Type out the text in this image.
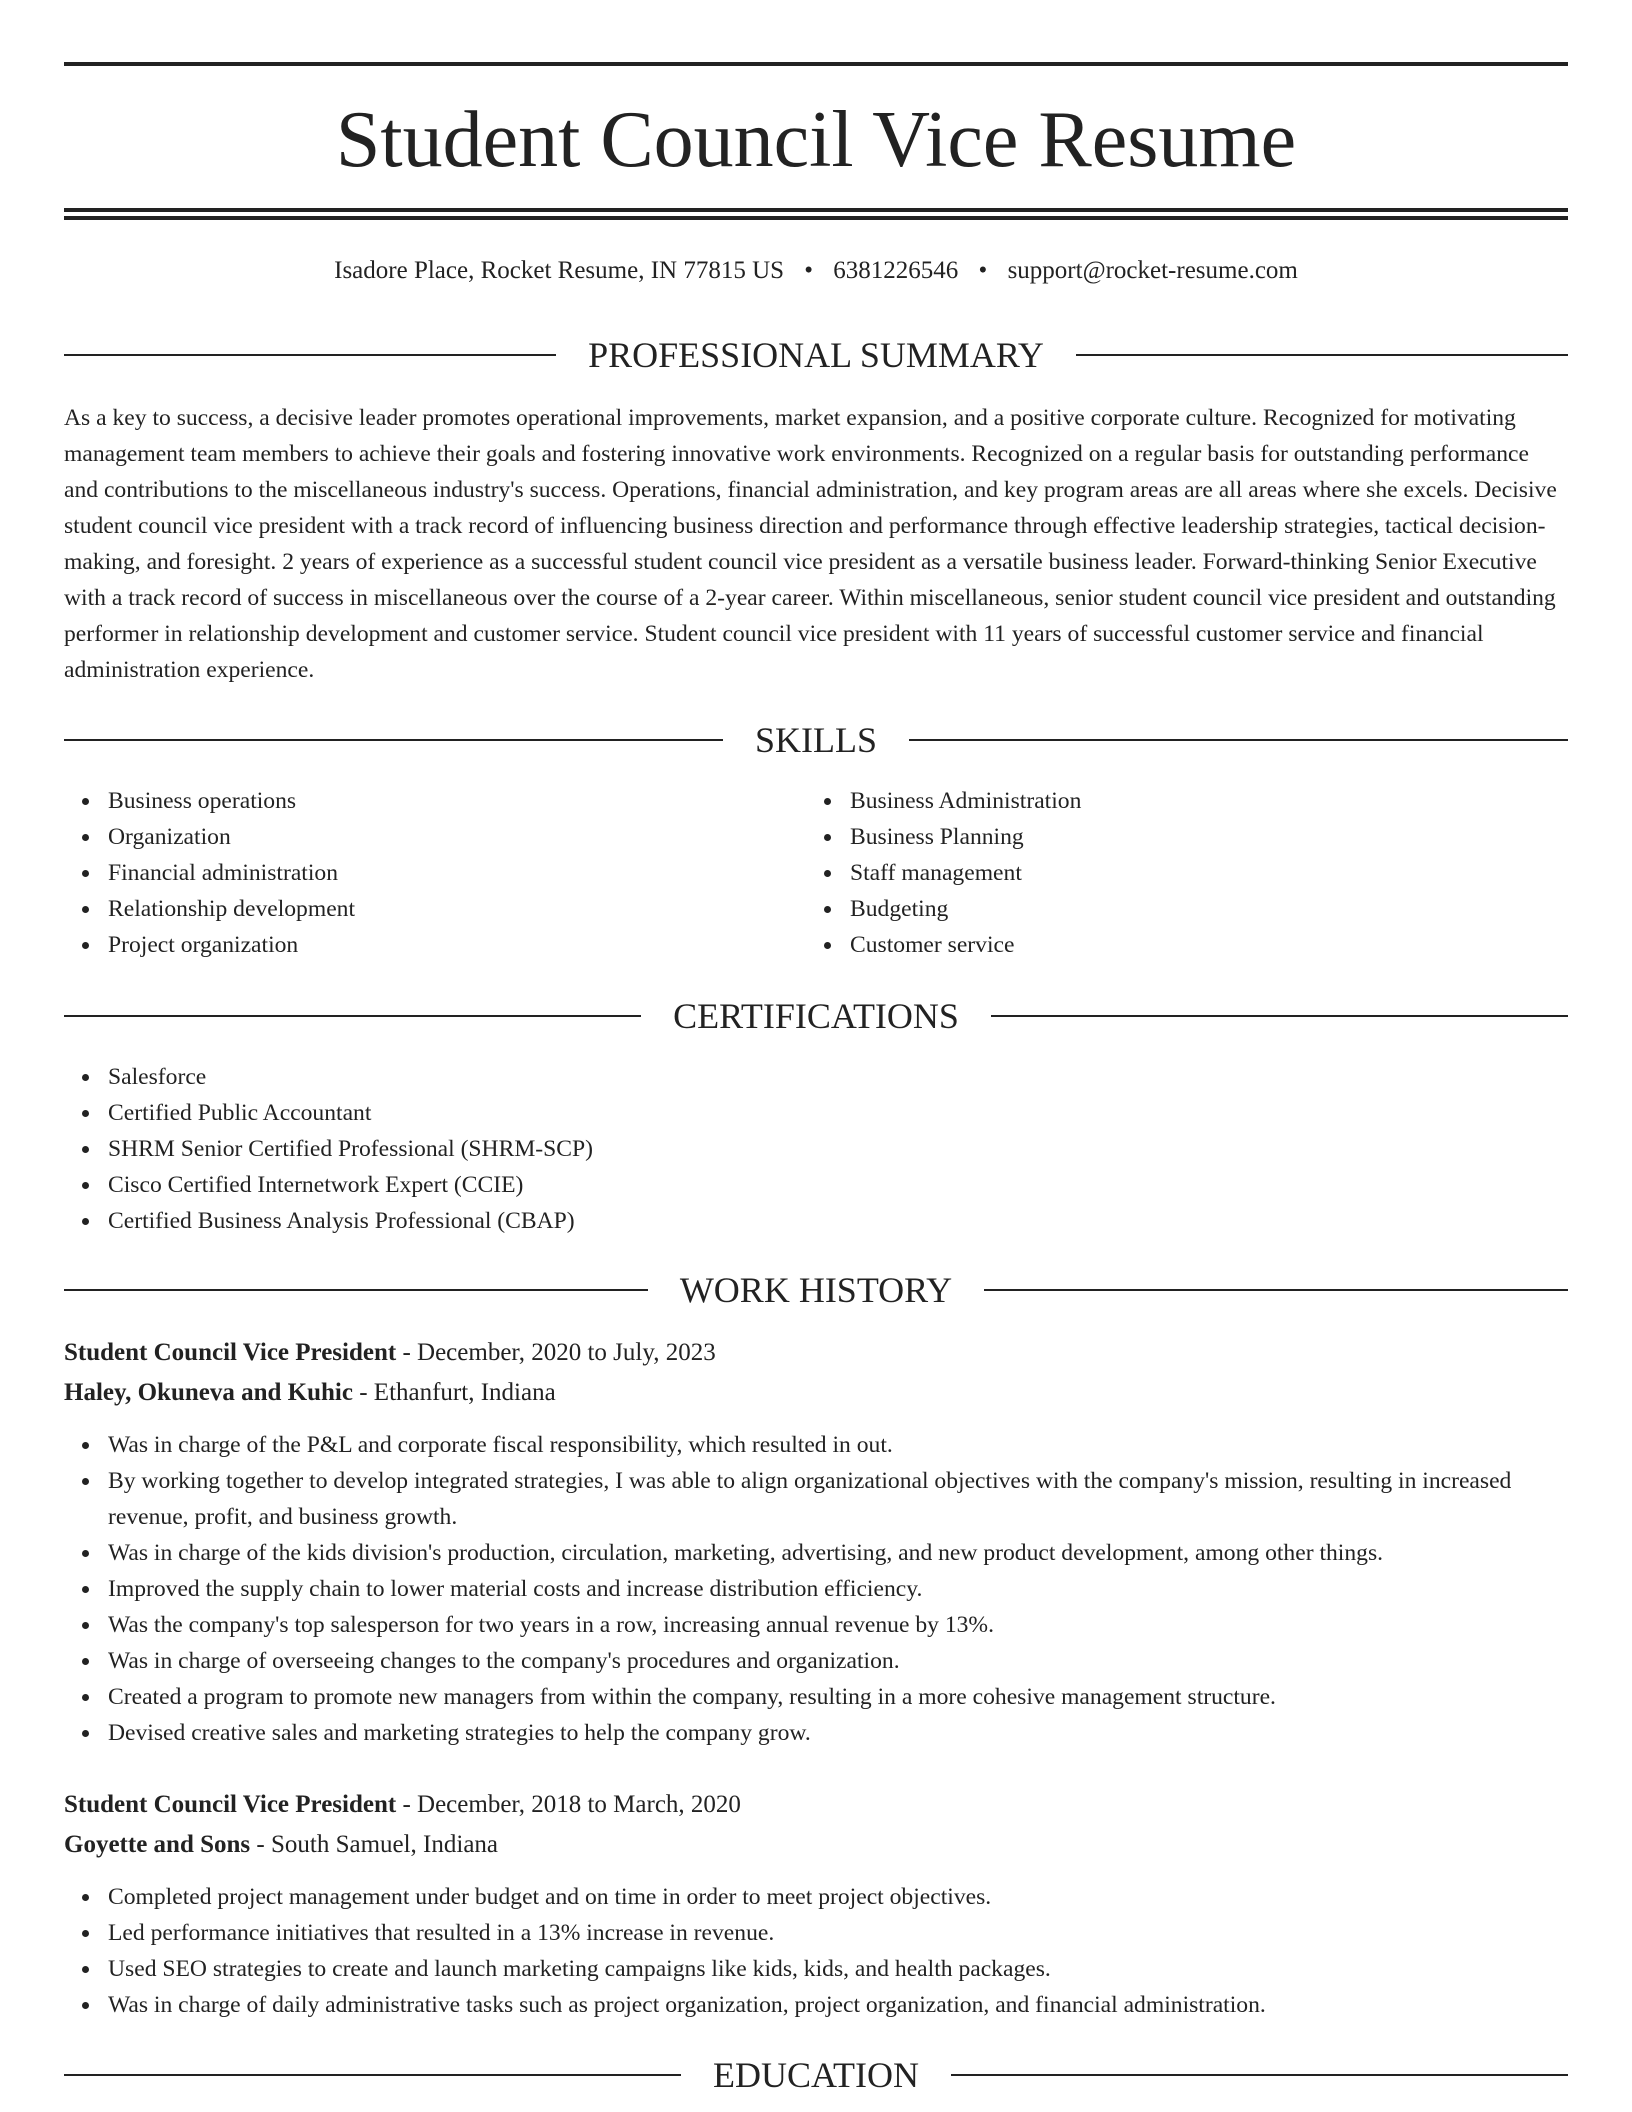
Student Council Vice Resume
Isadore Place, Rocket Resume, IN 77815 US • 6381226546 • support@rocket-resume.com
PROFESSIONAL SUMMARY

As a key to success, a decisive leader promotes operational improvements, market expansion, and a positive corporate culture. Recognized for motivating management team members to achieve their goals and fostering innovative work environments. Recognized on a regular basis for outstanding performance and contributions to the miscellaneous industry's success. Operations, financial administration, and key program areas are all areas where she excels. Decisive student council vice president with a track record of influencing business direction and performance through effective leadership strategies, tactical decision-making, and foresight. 2 years of experience as a successful student council vice president as a versatile business leader. Forward-thinking Senior Executive with a track record of success in miscellaneous over the course of a 2-year career. Within miscellaneous, senior student council vice president and outstanding performer in relationship development and customer service. Student council vice president with 11 years of successful customer service and financial administration experience.

SKILLS
Business operations
Organization
Financial administration
Relationship development
Project organization
Business Administration
Business Planning
Staff management
Budgeting
Customer service
CERTIFICATIONS
Salesforce
Certified Public Accountant
SHRM Senior Certified Professional (SHRM-SCP)
Cisco Certified Internetwork Expert (CCIE)
Certified Business Analysis Professional (CBAP)
WORK HISTORY
Student Council Vice President - December, 2020 to July, 2023
Haley, Okuneva and Kuhic - Ethanfurt, Indiana
Was in charge of the P&L and corporate fiscal responsibility, which resulted in out.
By working together to develop integrated strategies, I was able to align organizational objectives with the company's mission, resulting in increased revenue, profit, and business growth.
Was in charge of the kids division's production, circulation, marketing, advertising, and new product development, among other things.
Improved the supply chain to lower material costs and increase distribution efficiency.
Was the company's top salesperson for two years in a row, increasing annual revenue by 13%.
Was in charge of overseeing changes to the company's procedures and organization.
Created a program to promote new managers from within the company, resulting in a more cohesive management structure.
Devised creative sales and marketing strategies to help the company grow.
Student Council Vice President - December, 2018 to March, 2020
Goyette and Sons - South Samuel, Indiana
Completed project management under budget and on time in order to meet project objectives.
Led performance initiatives that resulted in a 13% increase in revenue.
Used SEO strategies to create and launch marketing campaigns like kids, kids, and health packages.
Was in charge of daily administrative tasks such as project organization, project organization, and financial administration.
EDUCATION
